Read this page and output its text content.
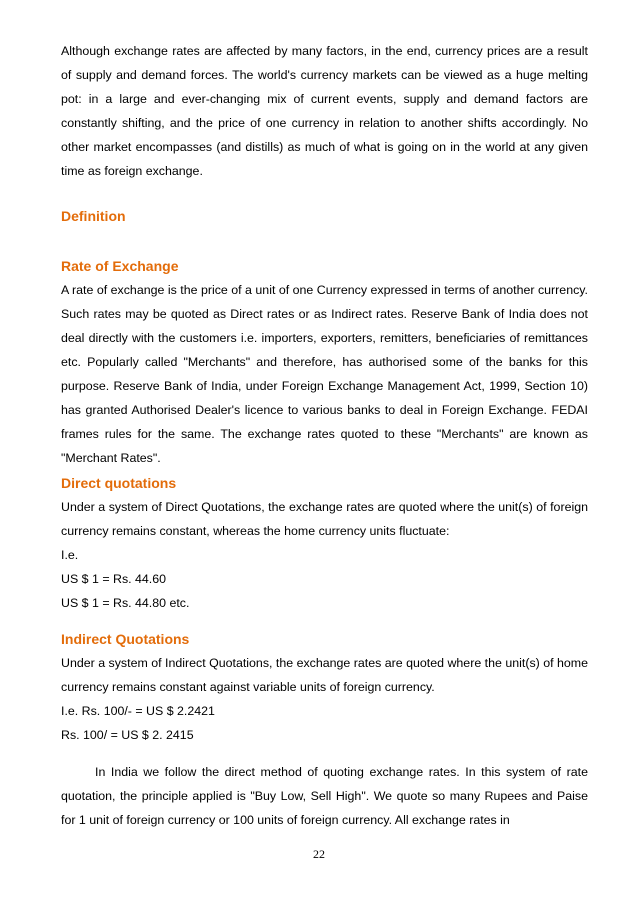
Although exchange rates are affected by many factors, in the end, currency prices are a result of supply and demand forces. The world's currency markets can be viewed as a huge melting pot: in a large and ever-changing mix of current events, supply and demand factors are constantly shifting, and the price of one currency in relation to another shifts accordingly. No other market encompasses (and distills) as much of what is going on in the world at any given time as foreign exchange.

Definition

Rate of Exchange

A rate of exchange is the price of a unit of one Currency expressed in terms of another currency. Such rates may be quoted as Direct rates or as Indirect rates. Reserve Bank of India does not deal directly with the customers i.e. importers, exporters, remitters, beneficiaries of remittances etc. Popularly called "Merchants" and therefore, has authorised some of the banks for this purpose. Reserve Bank of India, under Foreign Exchange Management Act, 1999, Section 10) has granted Authorised Dealer's licence to various banks to deal in Foreign Exchange. FEDAI frames rules for the same. The exchange rates quoted to these "Merchants" are known as "Merchant Rates".

Direct quotations

Under a system of Direct Quotations, the exchange rates are quoted where the unit(s) of foreign currency remains constant, whereas the home currency units fluctuate:

I.e.

US $ 1 = Rs. 44.60

US $ 1 = Rs. 44.80 etc.

Indirect Quotations

Under a system of Indirect Quotations, the exchange rates are quoted where the unit(s) of home currency remains constant against variable units of foreign currency.

I.e. Rs. 100/- = US $ 2.2421

Rs. 100/ = US $ 2. 2415

In India we follow the direct method of quoting exchange rates. In this system of rate quotation, the principle applied is "Buy Low, Sell High". We quote so many Rupees and Paise for 1 unit of foreign currency or 100 units of foreign currency. All exchange rates in

22
